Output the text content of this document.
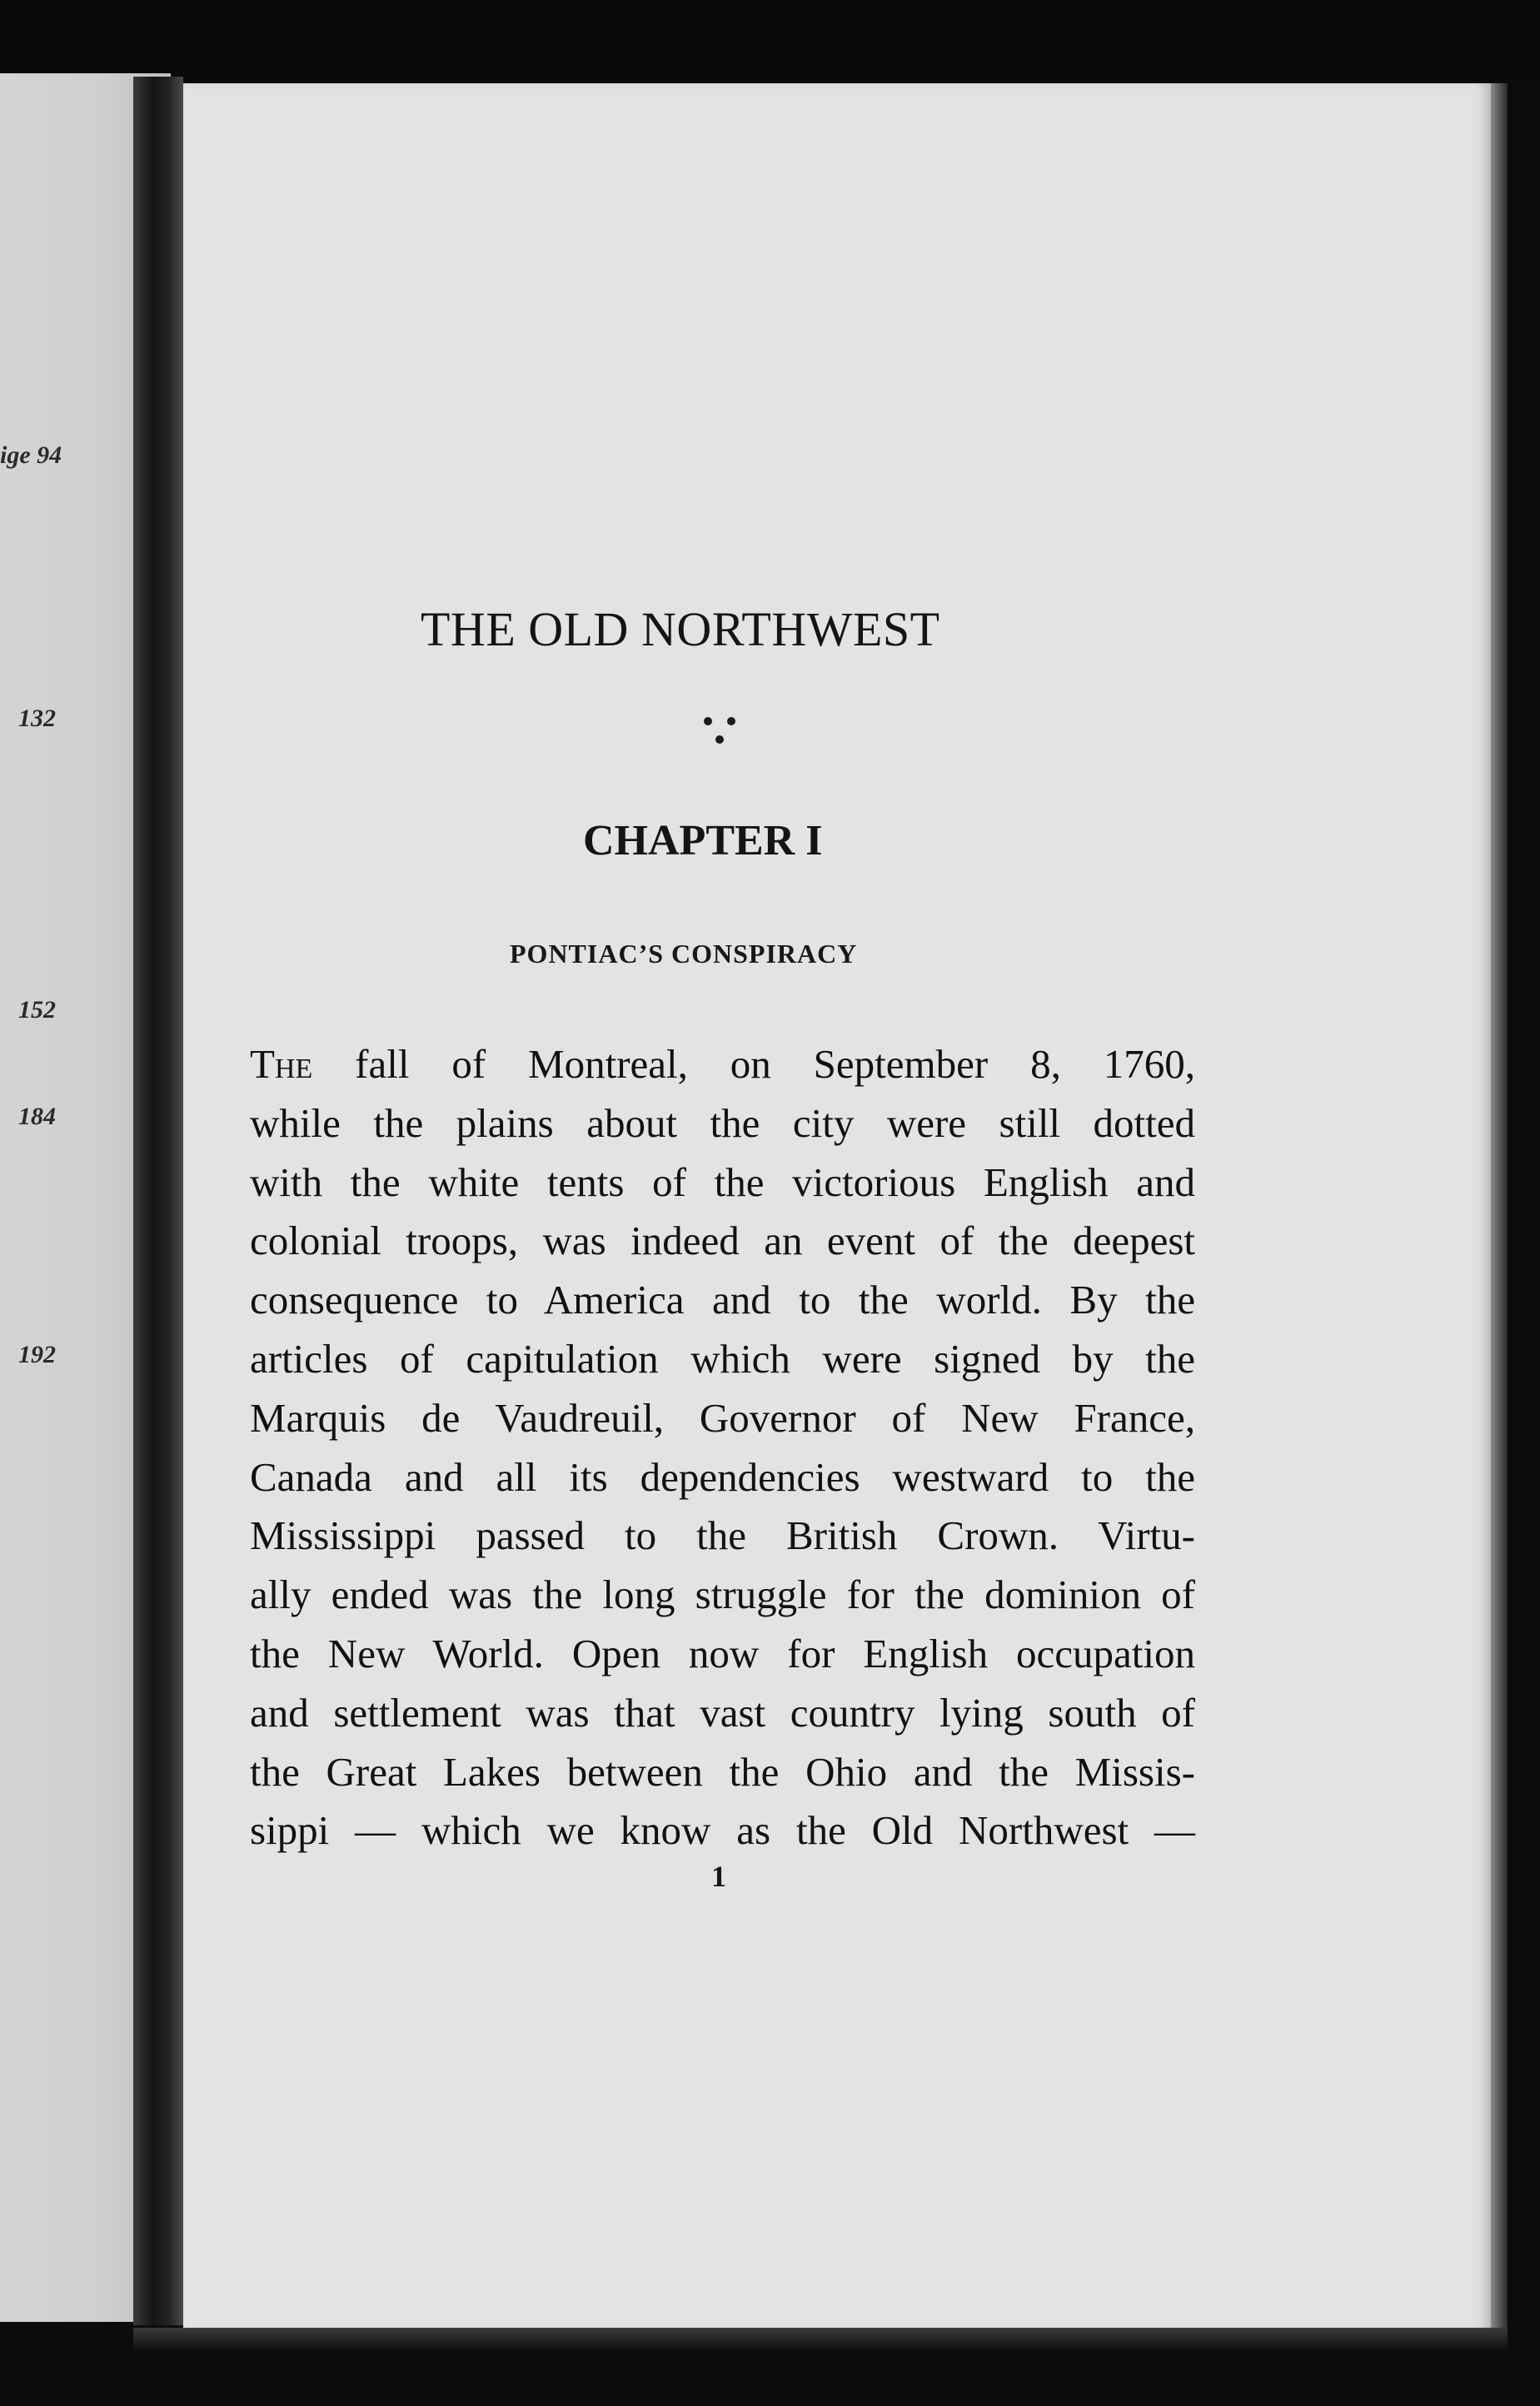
ige 94
132
152
184
192
THE OLD NORTHWEST
CHAPTER I
PONTIAC’S CONSPIRACY
The fall of Montreal, on September 8, 1760,
while the plains about the city were still dotted
with the white tents of the victorious English and
colonial troops, was indeed an event of the deepest
consequence to America and to the world. By the
articles of capitulation which were signed by the
Marquis de Vaudreuil, Governor of New France,
Canada and all its dependencies westward to the
Mississippi passed to the British Crown. Virtu-
ally ended was the long struggle for the dominion of
the New World. Open now for English occupation
and settlement was that vast country lying south of
the Great Lakes between the Ohio and the Missis-
sippi — which we know as the Old Northwest —
1
